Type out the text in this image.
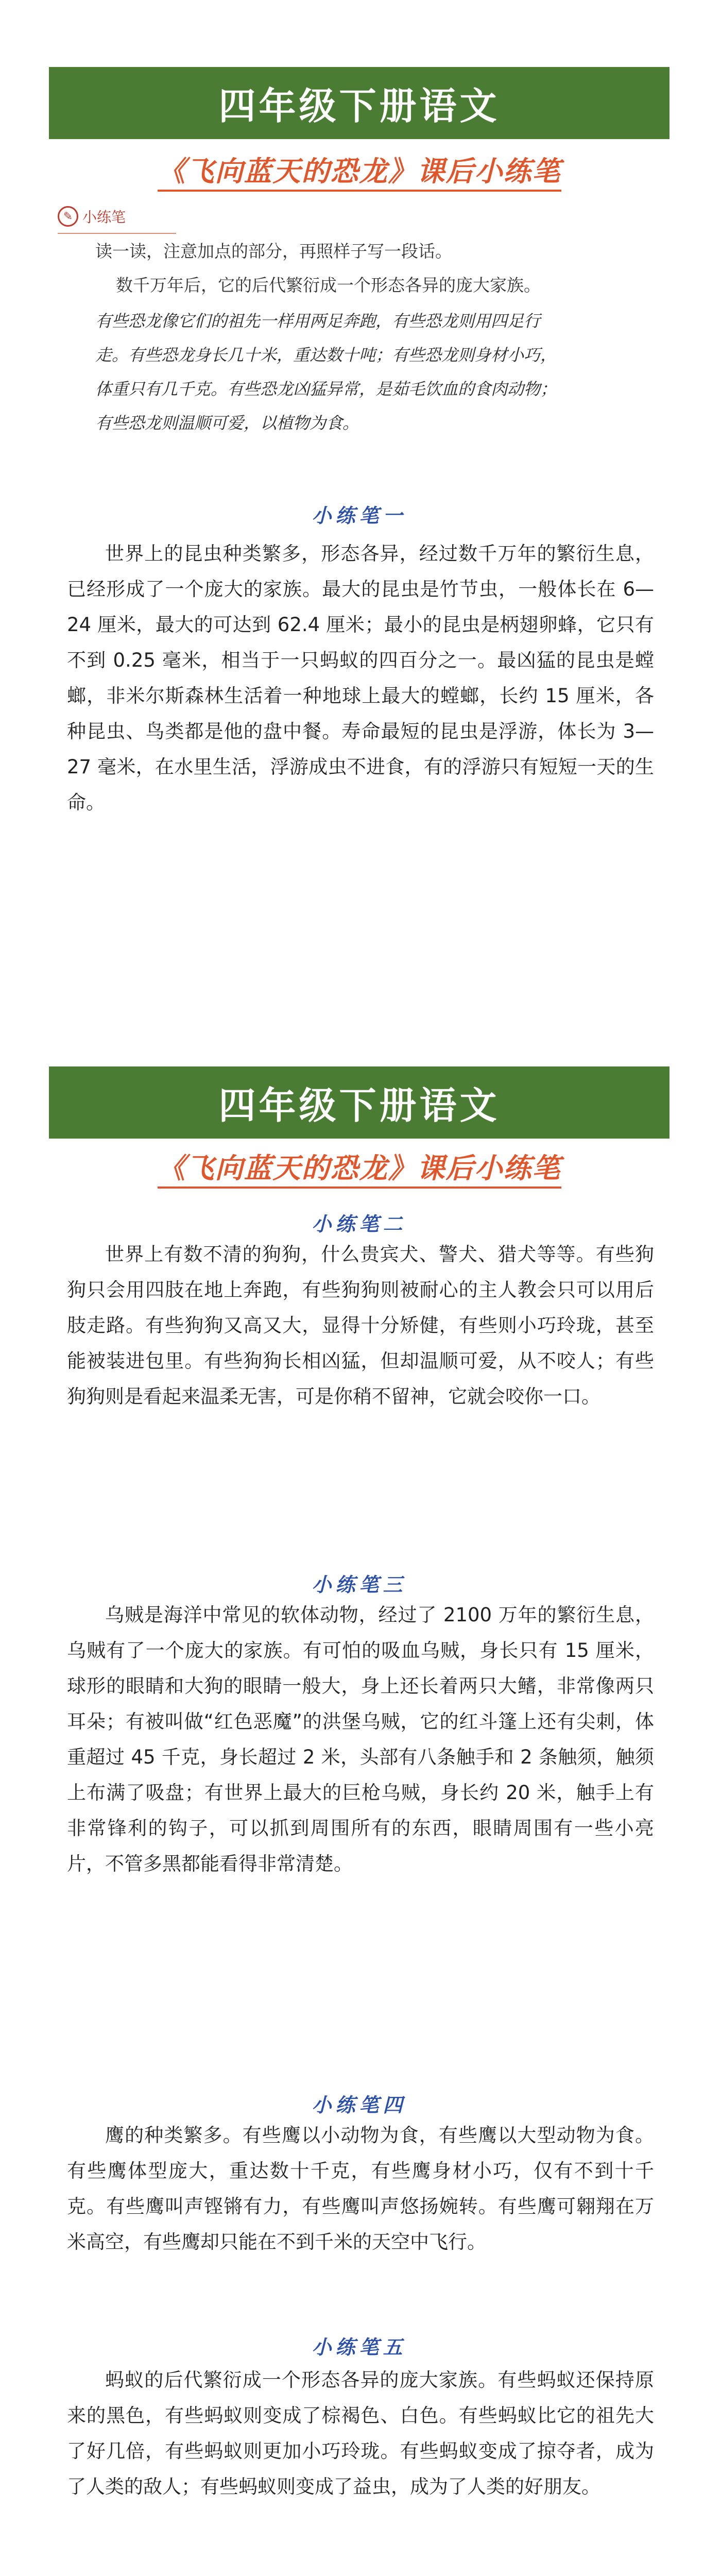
四年级下册语文
《飞向蓝天的恐龙》课后小练笔
✎ 小练笔
读一读，注意加点的部分，再照样子写一段话。
数千万年后，它的后代繁衍成一个形态各异的庞大家族。
有些恐龙像它们的祖先一样用两足奔跑，有些恐龙则用四足行
走。有些恐龙身长几十米，重达数十吨；有些恐龙则身材小巧，
体重只有几千克。有些恐龙凶猛异常，是茹毛饮血的食肉动物；
有些恐龙则温顺可爱，以植物为食。
小练笔一
世界上的昆虫种类繁多，形态各异，经过数千万年的繁衍生息，已经形成了一个庞大的家族。最大的昆虫是竹节虫，一般体长在 6—24 厘米，最大的可达到 62.4 厘米；最小的昆虫是柄翅卵蜂，它只有不到 0.25 毫米，相当于一只蚂蚁的四百分之一。最凶猛的昆虫是螳螂，非米尔斯森林生活着一种地球上最大的螳螂，长约 15 厘米，各种昆虫、鸟类都是他的盘中餐。寿命最短的昆虫是浮游，体长为 3—27 毫米，在水里生活，浮游成虫不进食，有的浮游只有短短一天的生命。
四年级下册语文
《飞向蓝天的恐龙》课后小练笔
小练笔二
世界上有数不清的狗狗，什么贵宾犬、警犬、猎犬等等。有些狗狗只会用四肢在地上奔跑，有些狗狗则被耐心的主人教会只可以用后肢走路。有些狗狗又高又大，显得十分矫健，有些则小巧玲珑，甚至能被装进包里。有些狗狗长相凶猛，但却温顺可爱，从不咬人；有些狗狗则是看起来温柔无害，可是你稍不留神，它就会咬你一口。
小练笔三
乌贼是海洋中常见的软体动物，经过了 2100 万年的繁衍生息，乌贼有了一个庞大的家族。有可怕的吸血乌贼，身长只有 15 厘米，球形的眼睛和大狗的眼睛一般大，身上还长着两只大鳍，非常像两只耳朵；有被叫做“红色恶魔”的洪堡乌贼，它的红斗篷上还有尖刺，体重超过 45 千克，身长超过 2 米，头部有八条触手和 2 条触须，触须上布满了吸盘；有世界上最大的巨枪乌贼，身长约 20 米，触手上有非常锋利的钩子，可以抓到周围所有的东西，眼睛周围有一些小亮片，不管多黑都能看得非常清楚。
小练笔四
鹰的种类繁多。有些鹰以小动物为食，有些鹰以大型动物为食。有些鹰体型庞大，重达数十千克，有些鹰身材小巧，仅有不到十千克。有些鹰叫声铿锵有力，有些鹰叫声悠扬婉转。有些鹰可翱翔在万米高空，有些鹰却只能在不到千米的天空中飞行。
小练笔五
蚂蚁的后代繁衍成一个形态各异的庞大家族。有些蚂蚁还保持原来的黑色，有些蚂蚁则变成了棕褐色、白色。有些蚂蚁比它的祖先大了好几倍，有些蚂蚁则更加小巧玲珑。有些蚂蚁变成了掠夺者，成为了人类的敌人；有些蚂蚁则变成了益虫，成为了人类的好朋友。
